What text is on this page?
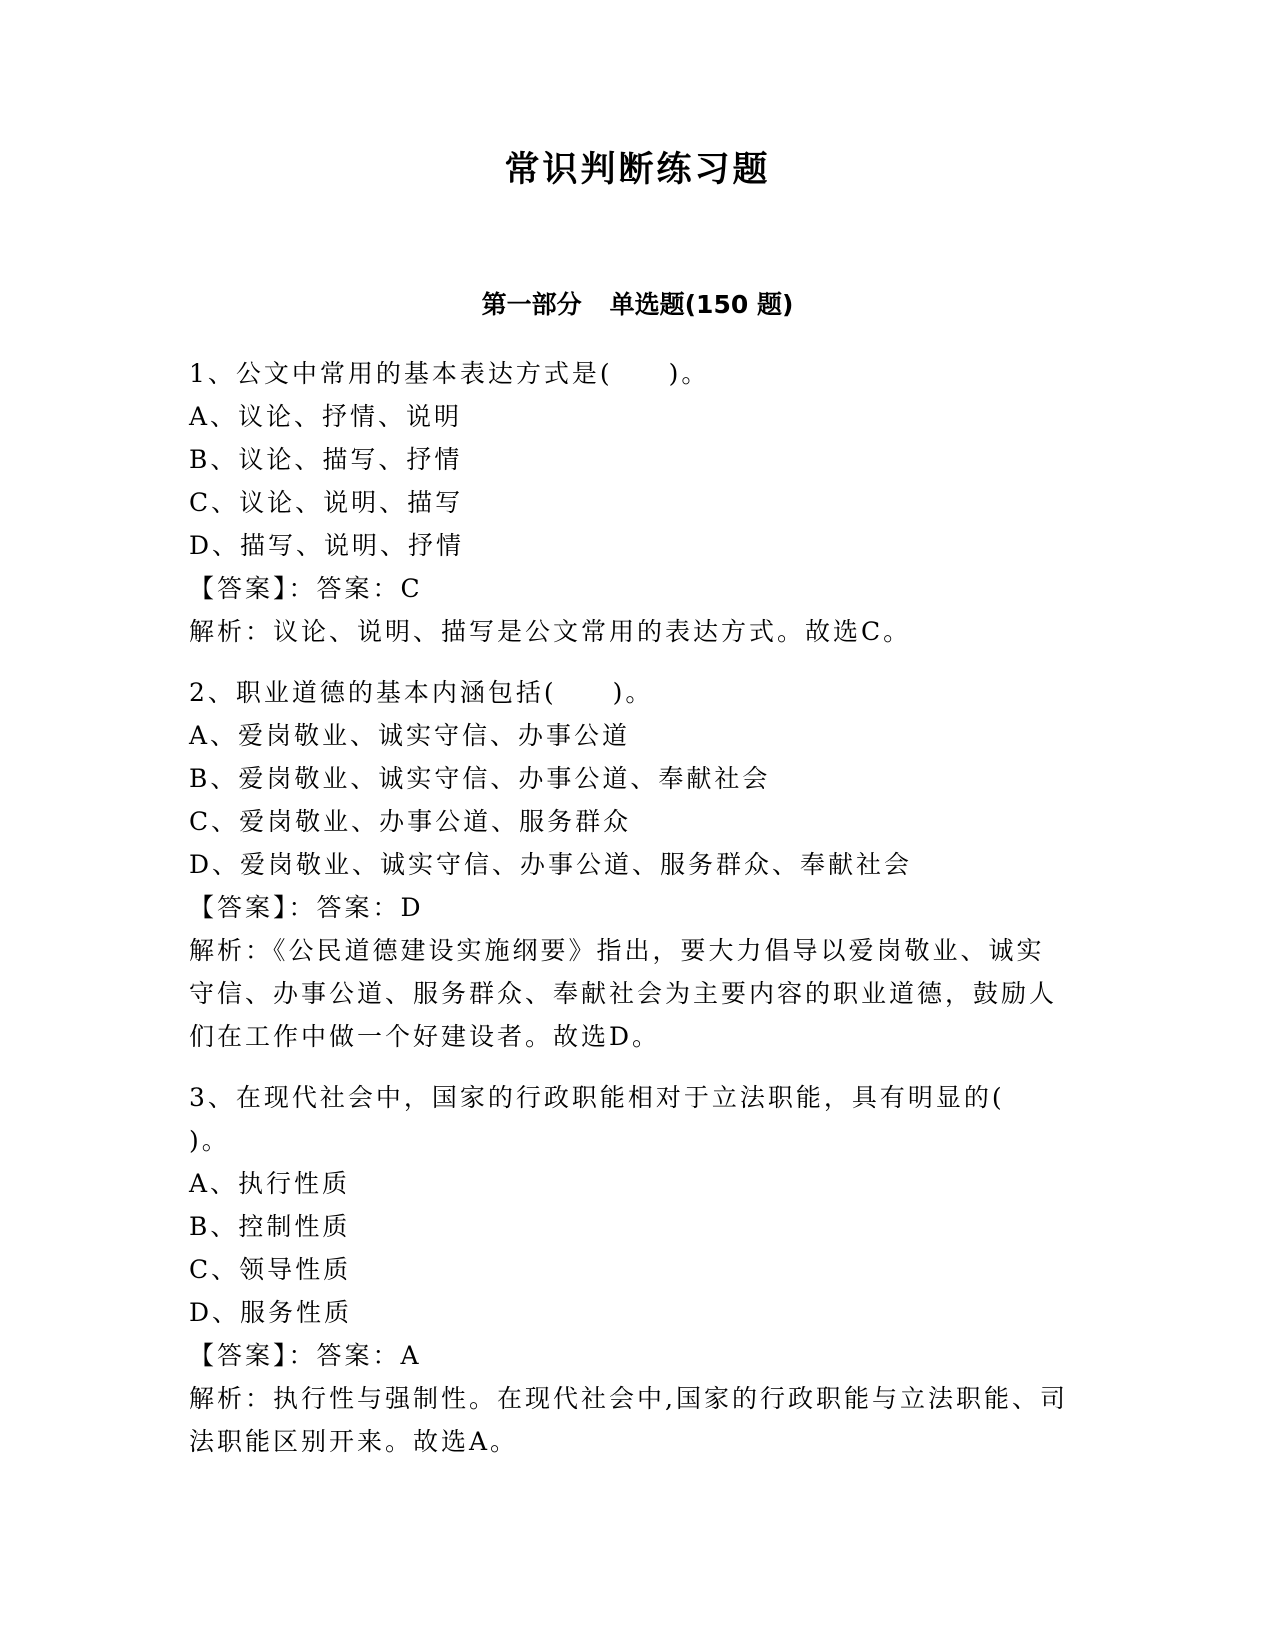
常识判断练习题
第一部分 单选题(150 题)

1、公文中常用的基本表达方式是(　　)。

A、议论、抒情、说明

B、议论、描写、抒情

C、议论、说明、描写

D、描写、说明、抒情

【答案】：答案：C

解析：议论、说明、描写是公文常用的表达方式。故选C。

2、职业道德的基本内涵包括(　　)。

A、爱岗敬业、诚实守信、办事公道

B、爱岗敬业、诚实守信、办事公道、奉献社会

C、爱岗敬业、办事公道、服务群众

D、爱岗敬业、诚实守信、办事公道、服务群众、奉献社会

【答案】：答案：D

解析：《公民道德建设实施纲要》指出，要大力倡导以爱岗敬业、诚实守信、办事公道、服务群众、奉献社会为主要内容的职业道德，鼓励人们在工作中做一个好建设者。故选D。

3、在现代社会中，国家的行政职能相对于立法职能，具有明显的(　　)。

A、执行性质

B、控制性质

C、领导性质

D、服务性质

【答案】：答案：A

解析：执行性与强制性。在现代社会中,国家的行政职能与立法职能、司法职能区别开来。故选A。
